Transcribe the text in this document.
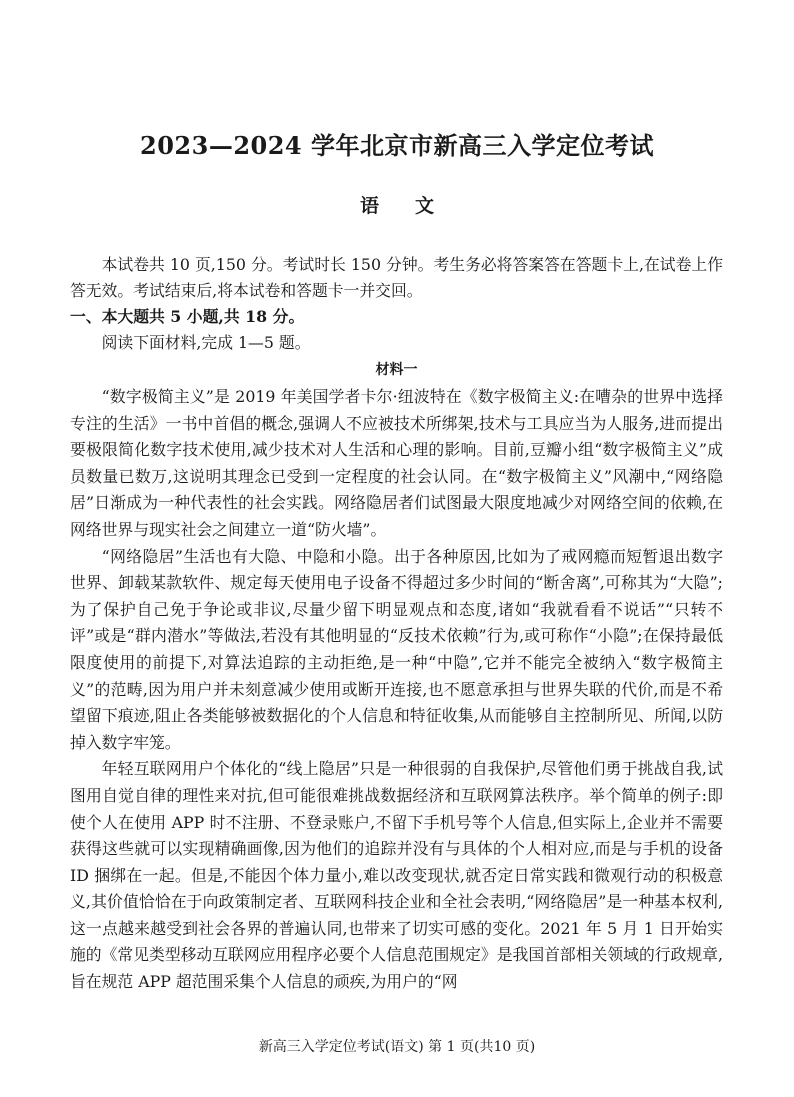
2023—2024 学年北京市新高三入学定位考试
语文

本试卷共 10 页,150 分。考试时长 150 分钟。考生务必将答案答在答题卡上,在试卷上作答无效。考试结束后,将本试卷和答题卡一并交回。

一、本大题共 5 小题,共 18 分。

阅读下面材料,完成 1—5 题。

材料一

“数字极简主义”是 2019 年美国学者卡尔·纽波特在《数字极简主义:在嘈杂的世界中选择专注的生活》一书中首倡的概念,强调人不应被技术所绑架,技术与工具应当为人服务,进而提出要极限简化数字技术使用,减少技术对人生活和心理的影响。目前,豆瓣小组“数字极简主义”成员数量已数万,这说明其理念已受到一定程度的社会认同。在“数字极简主义”风潮中,“网络隐居”日渐成为一种代表性的社会实践。网络隐居者们试图最大限度地减少对网络空间的依赖,在网络世界与现实社会之间建立一道“防火墙”。

“网络隐居”生活也有大隐、中隐和小隐。出于各种原因,比如为了戒网瘾而短暂退出数字世界、卸载某款软件、规定每天使用电子设备不得超过多少时间的“断舍离”,可称其为“大隐”;为了保护自己免于争论或非议,尽量少留下明显观点和态度,诸如“我就看看不说话”“只转不评”或是“群内潜水”等做法,若没有其他明显的“反技术依赖”行为,或可称作“小隐”;在保持最低限度使用的前提下,对算法追踪的主动拒绝,是一种“中隐”,它并不能完全被纳入“数字极简主义”的范畴,因为用户并未刻意减少使用或断开连接,也不愿意承担与世界失联的代价,而是不希望留下痕迹,阻止各类能够被数据化的个人信息和特征收集,从而能够自主控制所见、所闻,以防掉入数字牢笼。

年轻互联网用户个体化的“线上隐居”只是一种很弱的自我保护,尽管他们勇于挑战自我,试图用自觉自律的理性来对抗,但可能很难挑战数据经济和互联网算法秩序。举个简单的例子:即使个人在使用 APP 时不注册、不登录账户,不留下手机号等个人信息,但实际上,企业并不需要获得这些就可以实现精确画像,因为他们的追踪并没有与具体的个人相对应,而是与手机的设备 ID 捆绑在一起。但是,不能因个体力量小,难以改变现状,就否定日常实践和微观行动的积极意义,其价值恰恰在于向政策制定者、互联网科技企业和全社会表明,“网络隐居”是一种基本权利,这一点越来越受到社会各界的普遍认同,也带来了切实可感的变化。2021 年 5 月 1 日开始实施的《常见类型移动互联网应用程序必要个人信息范围规定》是我国首部相关领域的行政规章,旨在规范 APP 超范围采集个人信息的顽疾,为用户的“网

新高三入学定位考试(语文) 第 1 页(共10 页)
